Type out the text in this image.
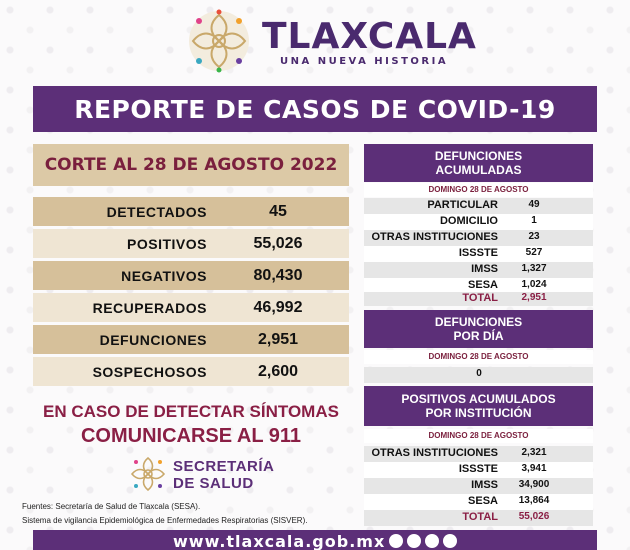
TLAXCALA
UNA NUEVA HISTORIA
REPORTE DE CASOS DE COVID-19
CORTE AL 28 DE AGOSTO 2022
DETECTADOS	45
POSITIVOS	55,026
NEGATIVOS	80,430
RECUPERADOS	46,992
DEFUNCIONES	2,951
SOSPECHOSOS	2,600
EN CASO DE DETECTAR SÍNTOMAS
COMUNICARSE AL 911
SECRETARÍA
DE SALUD
Fuentes: Secretaría de Salud de Tlaxcala (SESA).
Sistema de vigilancia Epidemiológica de Enfermedades Respiratorias (SISVER).
DEFUNCIONES
ACUMULADAS
DOMINGO 28 DE AGOSTO
PARTICULAR	49
DOMICILIO	1
OTRAS INSTITUCIONES	23
ISSSTE	527
IMSS	1,327
SESA	1,024
TOTAL	2,951
DEFUNCIONES
POR DÍA
DOMINGO 28 DE AGOSTO
0
POSITIVOS ACUMULADOS
POR INSTITUCIÓN
DOMINGO 28 DE AGOSTO
OTRAS INSTITUCIONES	2,321
ISSSTE	3,941
IMSS	34,900
SESA	13,864
TOTAL	55,026
www.tlaxcala.gob.mx
